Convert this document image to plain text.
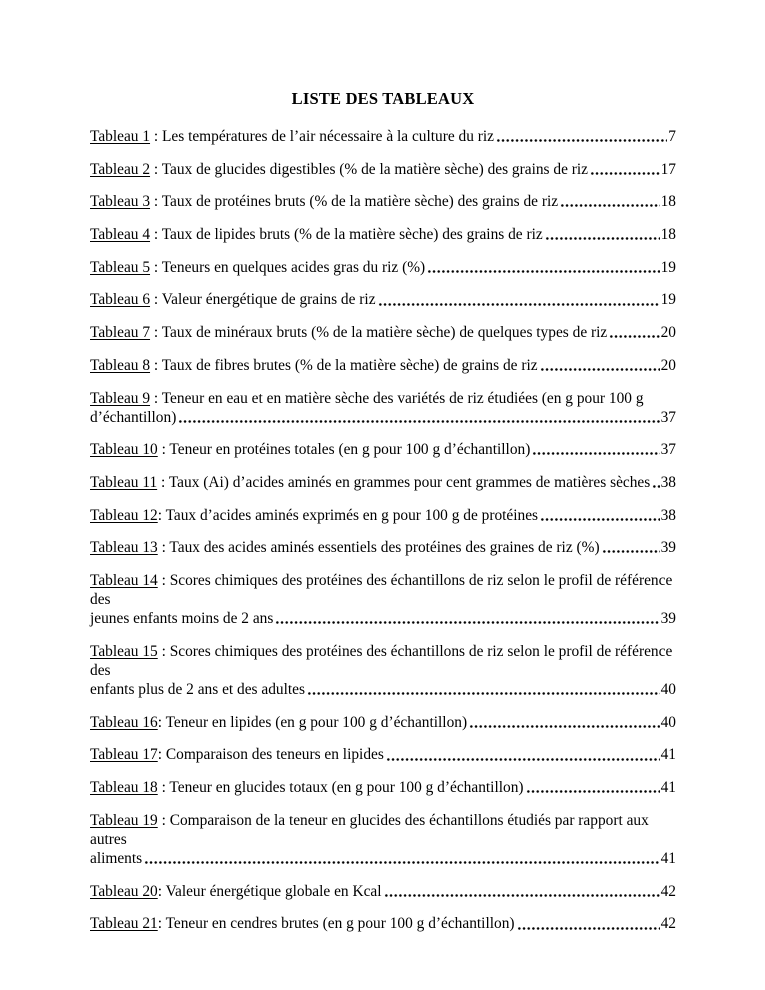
LISTE DES TABLEAUX
Tableau 1 : Les températures de l’air nécessaire à la culture du riz	7
Tableau 2 : Taux de glucides digestibles (% de la matière sèche) des grains de riz	17
Tableau 3 : Taux de protéines bruts (% de la matière sèche) des grains de riz	18
Tableau 4 : Taux de lipides bruts (% de la matière sèche) des grains de riz	18
Tableau 5 : Teneurs en quelques acides gras du riz (%)	19
Tableau 6 : Valeur énergétique de grains de riz	19
Tableau 7 : Taux de minéraux bruts (% de la matière sèche) de quelques types de riz	20
Tableau 8 : Taux de fibres brutes (% de la matière sèche) de grains de riz	20
Tableau 9 : Teneur en eau et en matière sèche des variétés de riz étudiées (en g pour 100 g
d’échantillon)	37
Tableau 10 : Teneur en protéines totales (en g pour 100 g d’échantillon)	37
Tableau 11 : Taux (Ai) d’acides aminés en grammes pour cent grammes de matières sèches 38
Tableau 12: Taux d’acides aminés exprimés en g pour 100 g de protéines	38
Tableau 13 : Taux des acides aminés essentiels des protéines des graines de riz (%)	39
Tableau 14 : Scores chimiques des protéines des échantillons de riz selon le profil de référence des
jeunes enfants moins de 2 ans	39
Tableau 15 : Scores chimiques des protéines des échantillons de riz selon le profil de référence des
enfants plus de 2 ans et des adultes	40
Tableau 16: Teneur en lipides (en g pour 100 g d’échantillon)	40
Tableau 17: Comparaison des teneurs en lipides	41
Tableau 18 : Teneur en glucides totaux (en g pour 100 g d’échantillon)	41
Tableau 19 : Comparaison de la teneur en glucides des échantillons étudiés par rapport aux autres
aliments	41
Tableau 20: Valeur énergétique globale en Kcal	42
Tableau 21: Teneur en cendres brutes (en g pour 100 g d’échantillon)	42
